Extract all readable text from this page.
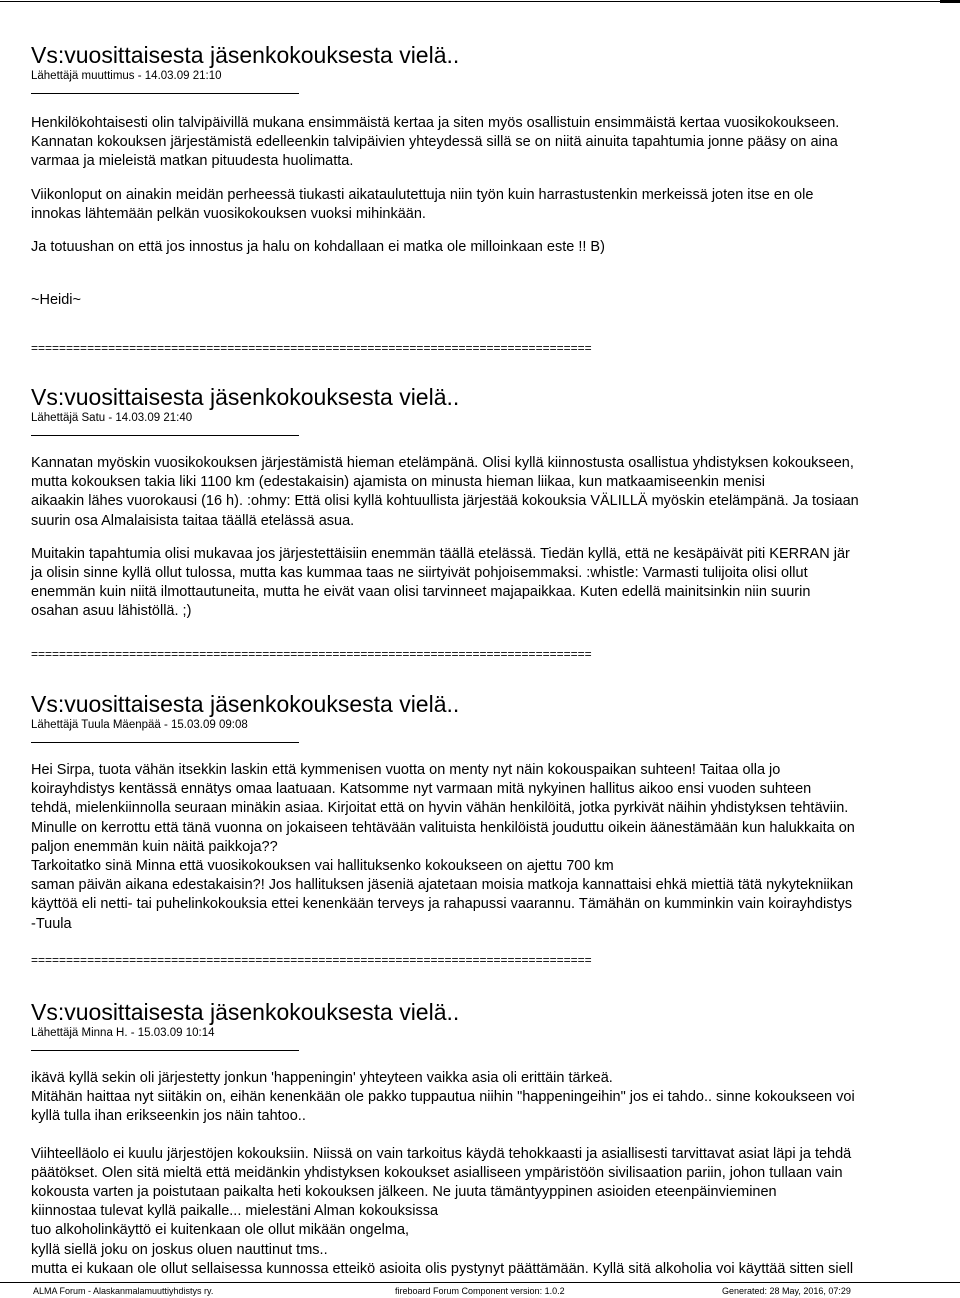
Vs:vuosittaisesta jäsenkokouksesta vielä..
Lähettäjä muuttimus - 14.03.09 21:10

Henkilökohtaisesti olin talvipäivillä mukana ensimmäistä kertaa ja siten myös osallistuin ensimmäistä kertaa vuosikokoukseen.
Kannatan kokouksen järjestämistä edelleenkin talvipäivien yhteydessä sillä se on niitä ainuita tapahtumia jonne pääsy on aina
varmaa ja mieleistä matkan pituudesta huolimatta.

Viikonloput on ainakin meidän perheessä tiukasti aikataulutettuja niin työn kuin harrastustenkin merkeissä joten itse en ole
innokas lähtemään pelkän vuosikokouksen vuoksi mihinkään.

Ja totuushan on että jos innostus ja halu on kohdallaan ei matka ole milloinkaan este !! B)

~Heidi~
================================================================================
Vs:vuosittaisesta jäsenkokouksesta vielä..
Lähettäjä Satu - 14.03.09 21:40

Kannatan myöskin vuosikokouksen järjestämistä hieman etelämpänä. Olisi kyllä kiinnostusta osallistua yhdistyksen kokoukseen,
mutta kokouksen takia liki 1100 km (edestakaisin) ajamista on minusta hieman liikaa, kun matkaamiseenkin menisi
aikaakin lähes vuorokausi (16 h). :ohmy: Että olisi kyllä kohtuullista järjestää kokouksia VÄLILLÄ myöskin etelämpänä. Ja tosiaan
suurin osa Almalaisista taitaa täällä etelässä asua.

Muitakin tapahtumia olisi mukavaa jos järjestettäisiin enemmän täällä etelässä. Tiedän kyllä, että ne kesäpäivät piti KERRAN jär
ja olisin sinne kyllä ollut tulossa, mutta kas kummaa taas ne siirtyivät pohjoisemmaksi. :whistle: Varmasti tulijoita olisi ollut
enemmän kuin niitä ilmottautuneita, mutta he eivät vaan olisi tarvinneet majapaikkaa. Kuten edellä mainitsinkin niin suurin
osahan asuu lähistöllä. ;)

================================================================================
Vs:vuosittaisesta jäsenkokouksesta vielä..
Lähettäjä Tuula Mäenpää - 15.03.09 09:08

Hei Sirpa, tuota vähän itsekkin laskin että kymmenisen vuotta on menty nyt näin kokouspaikan suhteen! Taitaa olla jo
koirayhdistys kentässä ennätys omaa laatuaan. Katsomme nyt varmaan mitä nykyinen hallitus aikoo ensi vuoden suhteen
tehdä, mielenkiinnolla seuraan minäkin asiaa. Kirjoitat että on hyvin vähän henkilöitä, jotka pyrkivät näihin yhdistyksen tehtäviin.
Minulle on kerrottu että tänä vuonna on jokaiseen tehtävään valituista henkilöistä jouduttu oikein äänestämään kun halukkaita on
paljon enemmän kuin näitä paikkoja??
Tarkoitatko sinä Minna että vuosikokouksen vai hallituksenko kokoukseen on ajettu 700 km
saman päivän aikana edestakaisin?! Jos hallituksen jäseniä ajatetaan moisia matkoja kannattaisi ehkä miettiä tätä nykytekniikan
käyttöä eli netti- tai puhelinkokouksia ettei kenenkään terveys ja rahapussi vaarannu. Tämähän on kumminkin vain koirayhdistys
-Tuula

================================================================================
Vs:vuosittaisesta jäsenkokouksesta vielä..
Lähettäjä Minna H. - 15.03.09 10:14

ikävä kyllä sekin oli järjestetty jonkun 'happeningin' yhteyteen vaikka asia oli erittäin tärkeä.
Mitähän haittaa nyt siitäkin on, eihän kenenkään ole pakko tuppautua niihin "happeningeihin" jos ei tahdo.. sinne kokoukseen voi
kyllä tulla ihan erikseenkin jos näin tahtoo..

Viihteelläolo ei kuulu järjestöjen kokouksiin. Niissä on vain tarkoitus käydä tehokkaasti ja asiallisesti tarvittavat asiat läpi ja tehdä
päätökset. Olen sitä mieltä että meidänkin yhdistyksen kokoukset asialliseen ympäristöön sivilisaation pariin, johon tullaan vain
kokousta varten ja poistutaan paikalta heti kokouksen jälkeen. Ne juuta tämäntyyppinen asioiden eteenpäinvieminen
kiinnostaa tulevat kyllä paikalle... mielestäni Alman kokouksissa
tuo alkoholinkäyttö ei kuitenkaan ole ollut mikään ongelma,
kyllä siellä joku on joskus oluen nauttinut tms..
mutta ei kukaan ole ollut sellaisessa kunnossa etteikö asioita olis pystynyt päättämään. Kyllä sitä alkoholia voi käyttää sitten siell

ALMA Forum - Alaskanmalamuuttiyhdistys ry.	fireboard Forum Component version: 1.0.2	Generated: 28 May, 2016, 07:29
